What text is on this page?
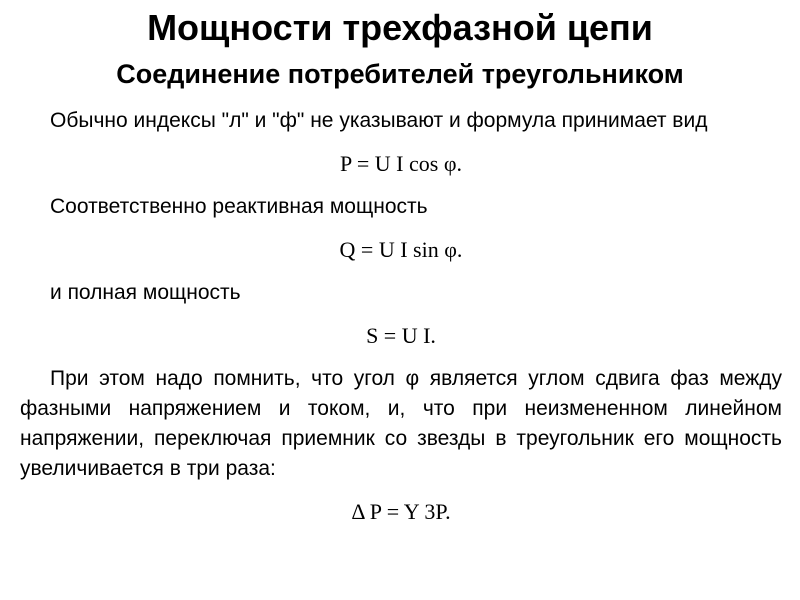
Мощности трехфазной цепи
Соединение потребителей треугольником

Обычно индексы "л" и "ф" не указывают и формула принимает вид

P = U I cos φ.

Соответственно реактивная мощность

Q = U I sin φ.

и полная мощность

S = U I.

При этом надо помнить, что угол φ является углом сдвига фаз между фазными напряжением и током, и, что при неизмененном линейном напряжении, переключая приемник со звезды в треугольник его мощность увеличивается в три раза:

Δ P = Y 3P.
